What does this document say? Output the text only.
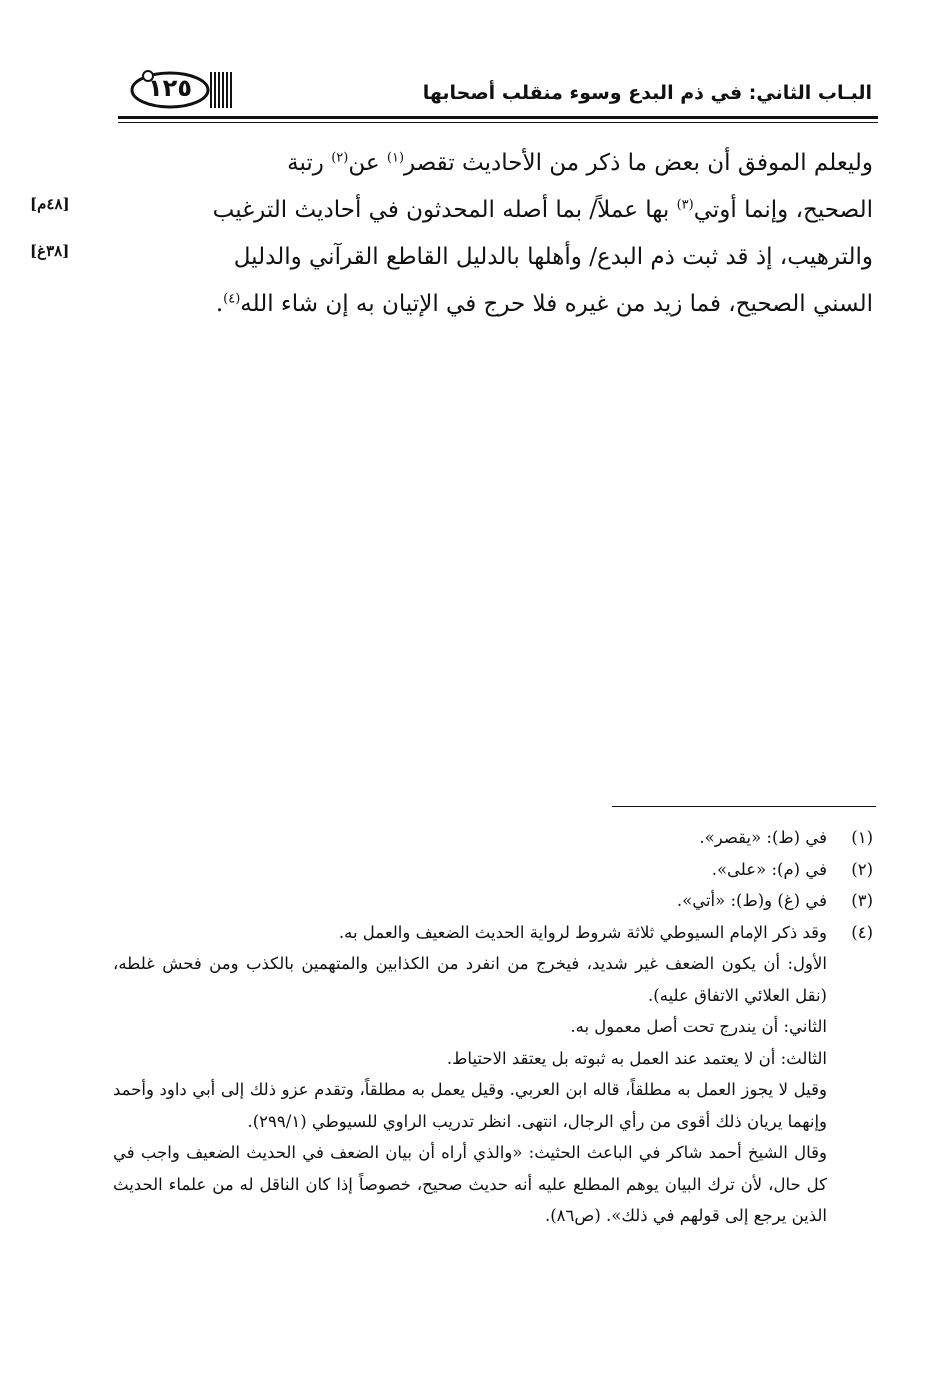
البـاب الثاني: في ذم البدع وسوء منقلب أصحابها
١٢٥

وليعلم الموفق أن بعض ما ذكر من الأحاديث تقصر$^{(١)}$ عن$^{(٢)}$ رتبة

الصحيح، وإنما أوتي$^{(٣)}$ بها عملاً/ بما أصله المحدثون في أحاديث الترغيب

والترهيب، إذ قد ثبت ذم البدع/ وأهلها بالدليل القاطع القرآني والدليل

السني الصحيح، فما زيد من غيره فلا حرج في الإتيان به إن شاء الله$^{(٤)}$.

[٤٨م]
[٣٨غ]
(١)
في (ط): «يقصر».
(٢)
في (م): «على».
(٣)
في (غ) و(ط): «أتي».
(٤)
وقد ذكر الإمام السيوطي ثلاثة شروط لرواية الحديث الضعيف والعمل به.
الأول: أن يكون الضعف غير شديد، فيخرج من انفرد من الكذابين والمتهمين بالكذب ومن فحش غلطه، (نقل العلائي الاتفاق عليه).
الثاني: أن يندرج تحت أصل معمول به.
الثالث: أن لا يعتمد عند العمل به ثبوته بل يعتقد الاحتياط.
وقيل لا يجوز العمل به مطلقاً، قاله ابن العربي. وقيل يعمل به مطلقاً، وتقدم عزو ذلك إلى أبي داود وأحمد وإنهما يريان ذلك أقوى من رأي الرجال، انتهى. انظر تدريب الراوي للسيوطي (٢٩٩/١).
وقال الشيخ أحمد شاكر في الباعث الحثيث: «والذي أراه أن بيان الضعف في الحديث الضعيف واجب في كل حال، لأن ترك البيان يوهم المطلع عليه أنه حديث صحيح، خصوصاً إذا كان الناقل له من علماء الحديث الذين يرجع إلى قولهم في ذلك». (ص٨٦).
